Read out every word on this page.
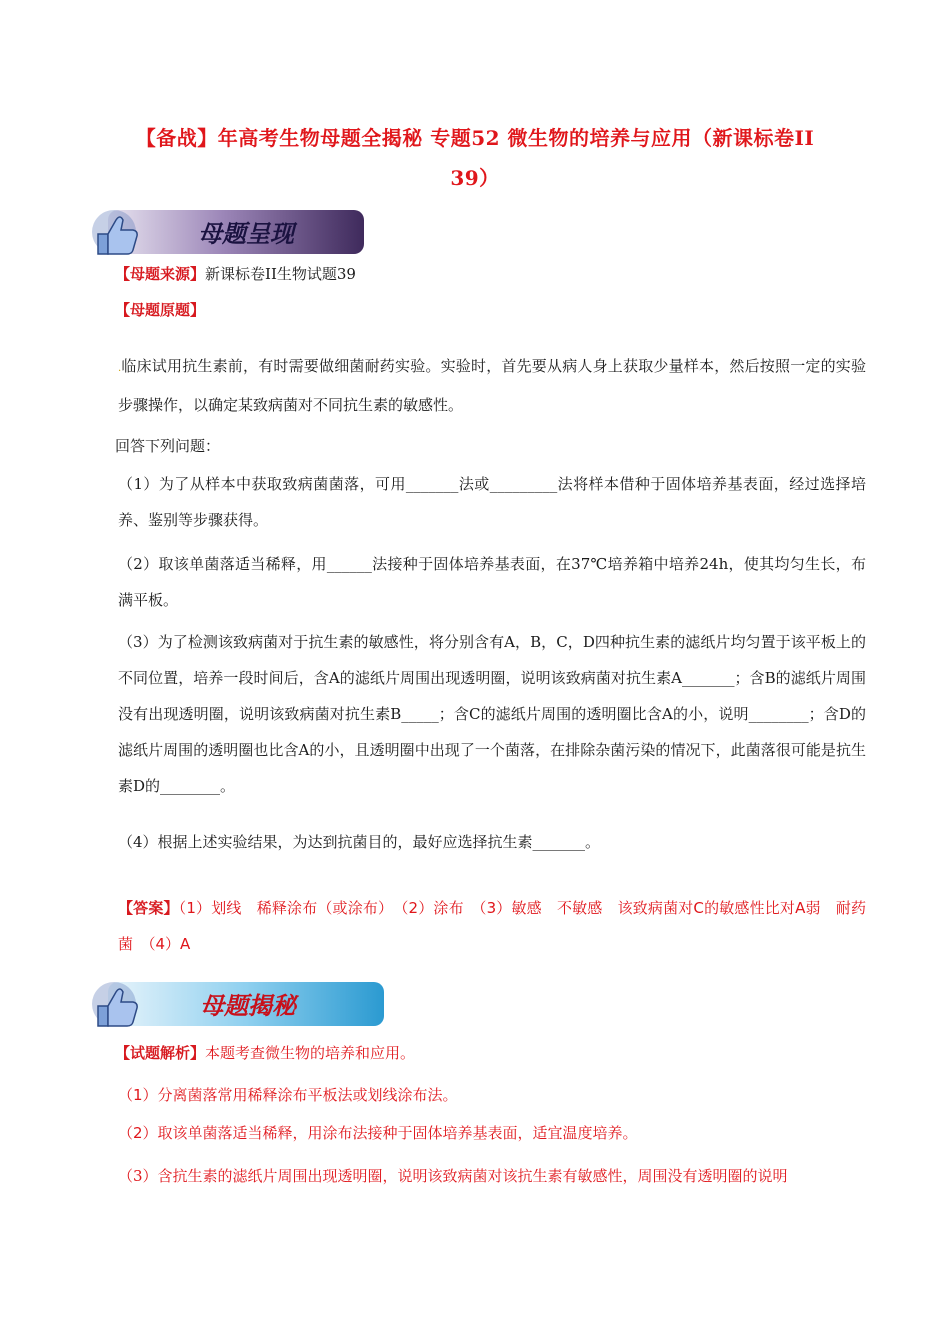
【备战】年高考生物母题全揭秘 专题52 微生物的培养与应用（新课标卷II
39）
母题呈现

【母题来源】新课标卷II生物试题39

【母题原题】

.临床试用抗生素前，有时需要做细菌耐药实验。实验时，首先要从病人身上获取少量样本，然后按照一定的实验步骤操作，以确定某致病菌对不同抗生素的敏感性。

回答下列问题：

（1）为了从样本中获取致病菌菌落，可用_______法或_________法将样本借种于固体培养基表面，经过选择培养、鉴别等步骤获得。

（2）取该单菌落适当稀释，用______法接种于固体培养基表面，在37℃培养箱中培养24h，使其均匀生长，布满平板。

（3）为了检测该致病菌对于抗生素的敏感性，将分别含有A，B，C，D四种抗生素的滤纸片均匀置于该平板上的不同位置，培养一段时间后，含A的滤纸片周围出现透明圈，说明该致病菌对抗生素A_______；含B的滤纸片周围没有出现透明圈，说明该致病菌对抗生素B_____；含C的滤纸片周围的透明圈比含A的小，说明________；含D的滤纸片周围的透明圈也比含A的小，且透明圈中出现了一个菌落，在排除杂菌污染的情况下，此菌落很可能是抗生素D的________。

（4）根据上述实验结果，为达到抗菌目的，最好应选择抗生素_______。

【答案】（1）划线　稀释涂布（或涂布）　（2）涂布　（3）敏感　不敏感　该致病菌对C的敏感性比对A弱　耐药菌　（4）A

母题揭秘
【试题解析】本题考查微生物的培养和应用。
（1）分离菌落常用稀释涂布平板法或划线涂布法。
（2）取该单菌落适当稀释，用涂布法接种于固体培养基表面，适宜温度培养。
（3）含抗生素的滤纸片周围出现透明圈，说明该致病菌对该抗生素有敏感性，周围没有透明圈的说明
